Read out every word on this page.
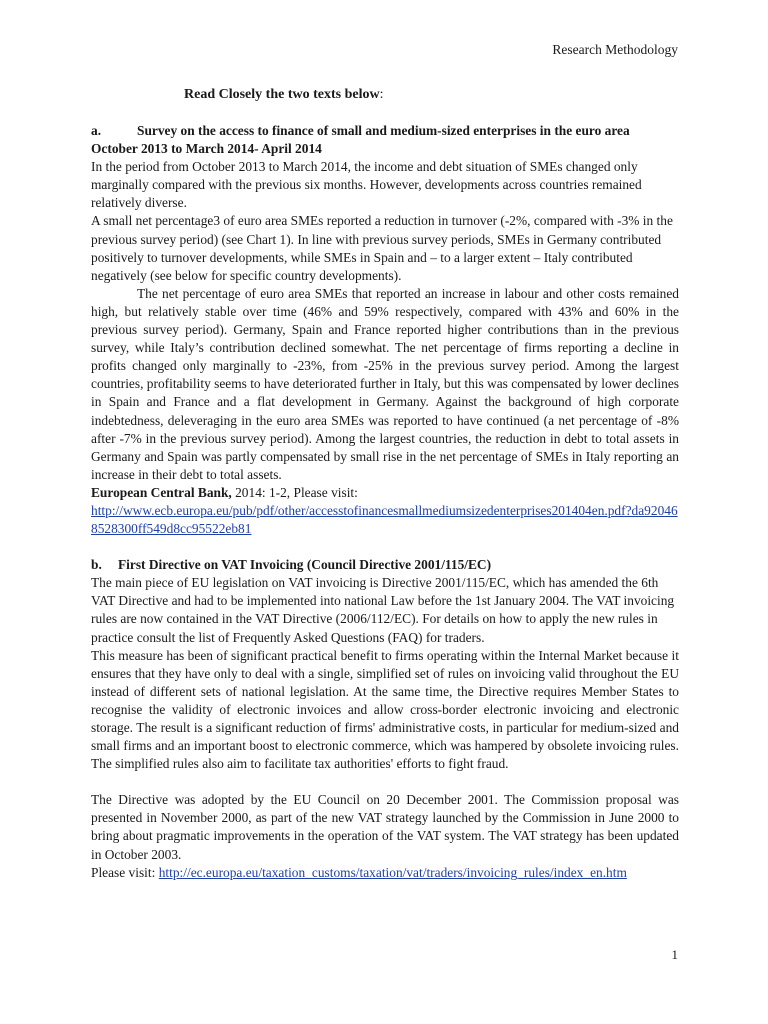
Research Methodology
Read Closely the two texts below:

a.	Survey on the access to finance of small and medium-sized enterprises in the euro area

October 2013 to March 2014- April 2014

In the period from October 2013 to March 2014, the income and debt situation of SMEs changed only marginally compared with the previous six months. However, developments across countries remained relatively diverse.

A small net percentage3 of euro area SMEs reported a reduction in turnover (-2%, compared with -3% in the previous survey period) (see Chart 1). In line with previous survey periods, SMEs in Germany contributed positively to turnover developments, while SMEs in Spain and – to a larger extent – Italy contributed negatively (see below for specific country developments).

The net percentage of euro area SMEs that reported an increase in labour and other costs remained high, but relatively stable over time (46% and 59% respectively, compared with 43% and 60% in the previous survey period). Germany, Spain and France reported higher contributions than in the previous survey, while Italy’s contribution declined somewhat. The net percentage of firms reporting a decline in profits changed only marginally to -23%, from -25% in the previous survey period. Among the largest countries, profitability seems to have deteriorated further in Italy, but this was compensated by lower declines in Spain and France and a flat development in Germany. Against the background of high corporate indebtedness, deleveraging in the euro area SMEs was reported to have continued (a net percentage of -8% after -7% in the previous survey period). Among the largest countries, the reduction in debt to total assets in Germany and Spain was partly compensated by small rise in the net percentage of SMEs in Italy reporting an increase in their debt to total assets.

European Central Bank, 2014: 1-2, Please visit:

http://www.ecb.europa.eu/pub/pdf/other/accesstofinancesmallmediumsizedenterprises201404en.pdf?da920468528300ff549d8cc95522eb81

b. First Directive on VAT Invoicing (Council Directive 2001/115/EC)

The main piece of EU legislation on VAT invoicing is Directive 2001/115/EC, which has amended the 6th VAT Directive and had to be implemented into national Law before the 1st January 2004. The VAT invoicing rules are now contained in the VAT Directive (2006/112/EC). For details on how to apply the new rules in practice consult the list of Frequently Asked Questions (FAQ) for traders.

This measure has been of significant practical benefit to firms operating within the Internal Market because it ensures that they have only to deal with a single, simplified set of rules on invoicing valid throughout the EU instead of different sets of national legislation. At the same time, the Directive requires Member States to recognise the validity of electronic invoices and allow cross-border electronic invoicing and electronic storage. The result is a significant reduction of firms' administrative costs, in particular for medium-sized and small firms and an important boost to electronic commerce, which was hampered by obsolete invoicing rules. The simplified rules also aim to facilitate tax authorities' efforts to fight fraud.

The Directive was adopted by the EU Council on 20 December 2001. The Commission proposal was presented in November 2000, as part of the new VAT strategy launched by the Commission in June 2000 to bring about pragmatic improvements in the operation of the VAT system. The VAT strategy has been updated in October 2003.

Please visit: http://ec.europa.eu/taxation_customs/taxation/vat/traders/invoicing_rules/index_en.htm

1
